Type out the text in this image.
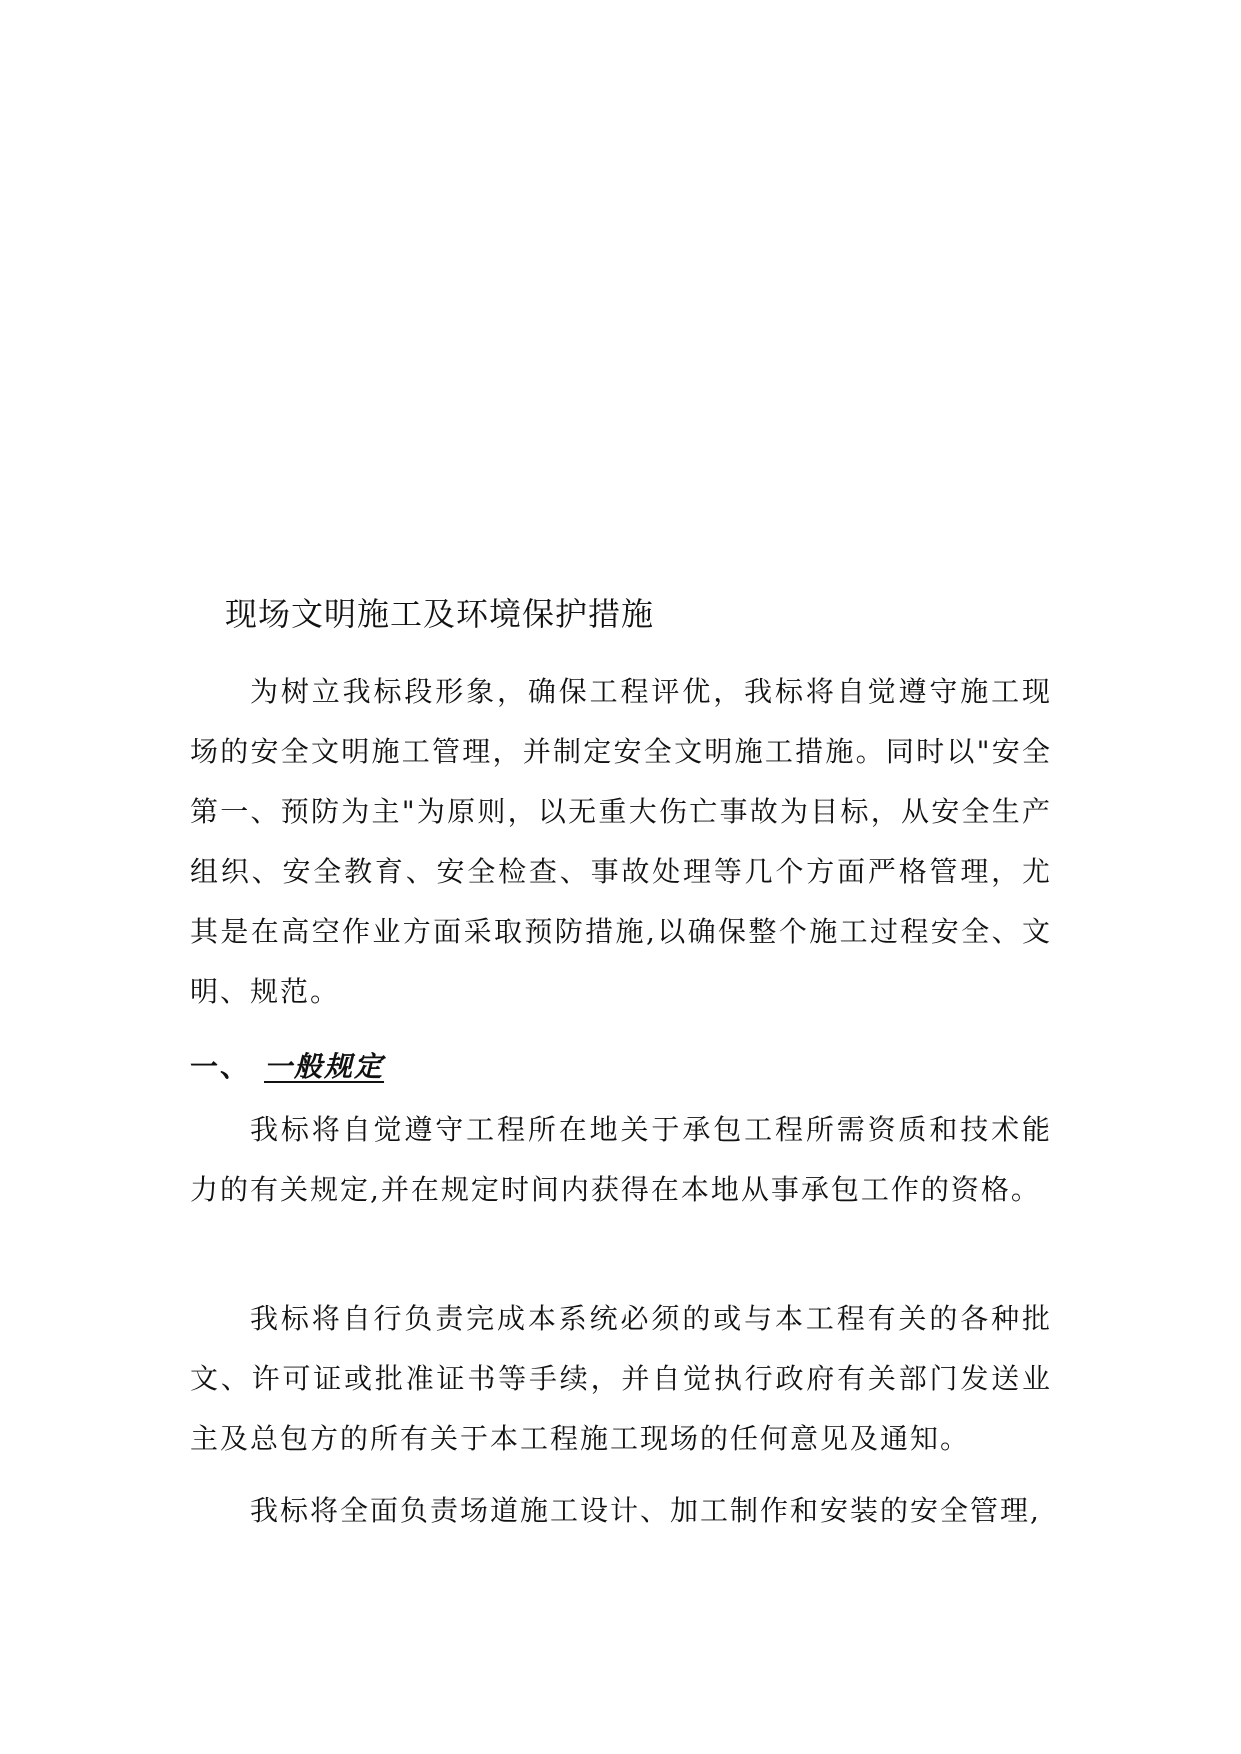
现场文明施工及环境保护措施

为树立我标段形象，确保工程评优，我标将自觉遵守施工现场的安全文明施工管理，并制定安全文明施工措施。同时以"安全第一、预防为主"为原则，以无重大伤亡事故为目标，从安全生产组织、安全教育、安全检查、事故处理等几个方面严格管理，尤其是在高空作业方面采取预防措施,以确保整个施工过程安全、文明、规范。

一、 一般规定

我标将自觉遵守工程所在地关于承包工程所需资质和技术能力的有关规定,并在规定时间内获得在本地从事承包工作的资格。

我标将自行负责完成本系统必须的或与本工程有关的各种批文、许可证或批准证书等手续，并自觉执行政府有关部门发送业主及总包方的所有关于本工程施工现场的任何意见及通知。

我标将全面负责场道施工设计、加工制作和安装的安全管理,
